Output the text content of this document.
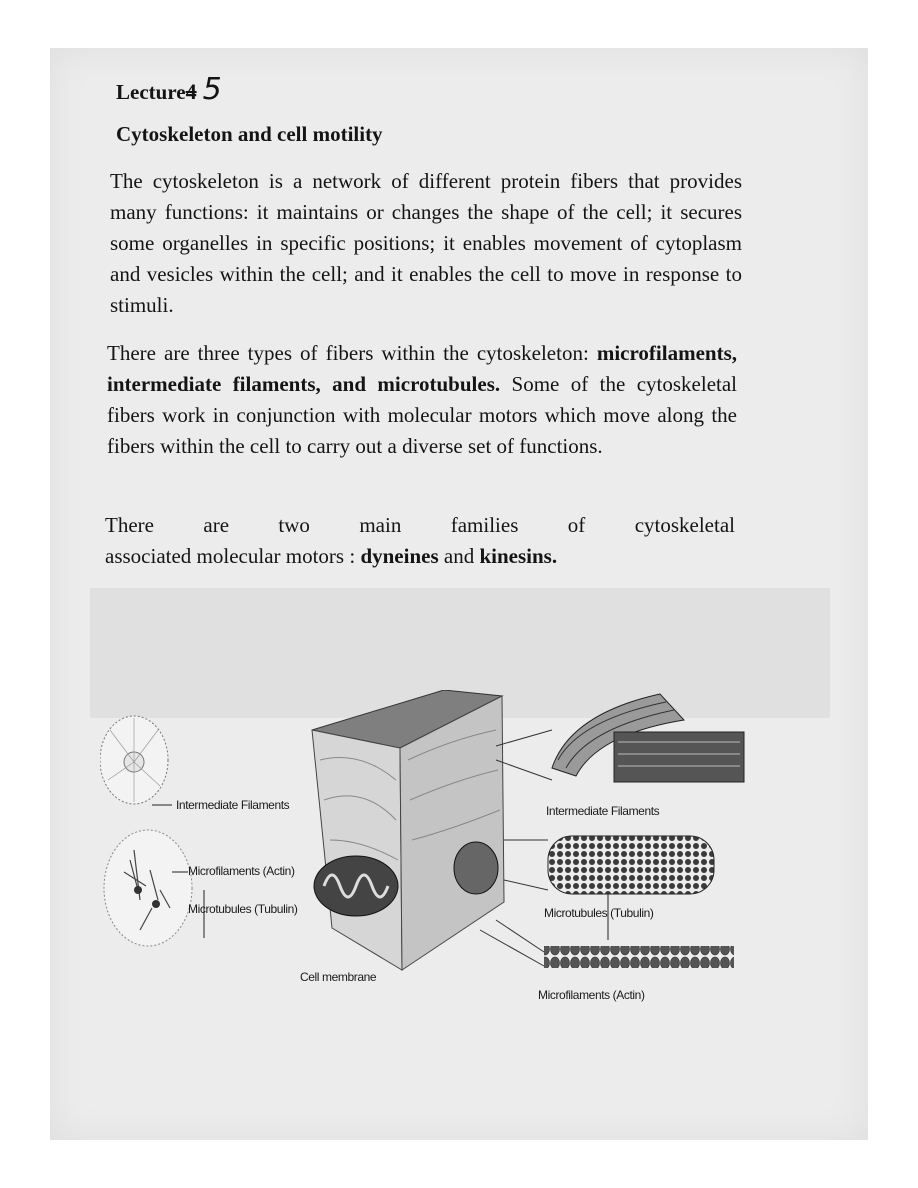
Lecture4 5
Cytoskeleton and cell motility
The cytoskeleton is a network of different protein fibers that provides many functions: it maintains or changes the shape of the cell; it secures some organelles in specific positions; it enables movement of cytoplasm and vesicles within the cell; and it enables the cell to move in response to stimuli.
There are three types of fibers within the cytoskeleton: microfilaments, intermediate filaments, and microtubules. Some of the cytoskeletal fibers work in conjunction with molecular motors which move along the fibers within the cell to carry out a diverse set of functions.
There are two main families of cytoskeletal
associated molecular motors : dyneines and kinesins.
Intermediate Filaments
Microfilaments (Actin)
Microtubules (Tubulin)
Cell membrane
Intermediate Filaments
Microtubules (Tubulin)
Microfilaments (Actin)
